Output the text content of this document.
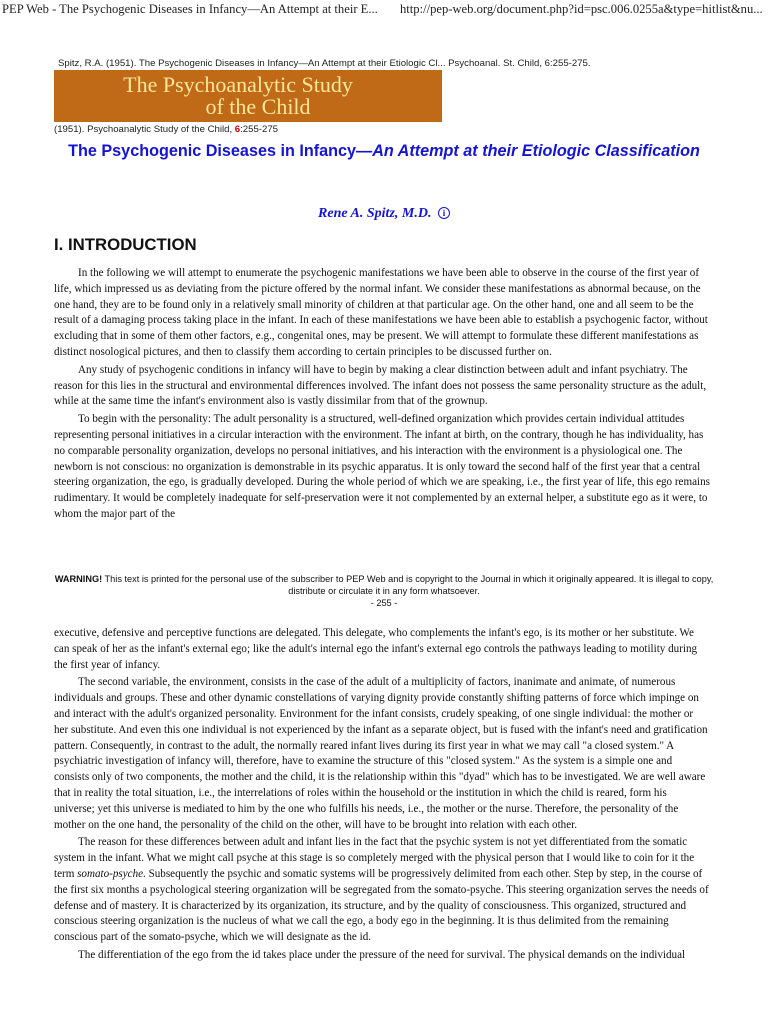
PEP Web - The Psychogenic Diseases in Infancy—An Attempt at their E... http://pep-web.org/document.php?id=psc.006.0255a&type=hitlist&nu...
Spitz, R.A. (1951). The Psychogenic Diseases in Infancy—An Attempt at their Etiologic Cl... Psychoanal. St. Child, 6:255-275.
The Psychoanalytic Study
of the Child
(1951). Psychoanalytic Study of the Child, 6:255-275
The Psychogenic Diseases in Infancy—An Attempt at their Etiologic Classification
Rene A. Spitz, M.D. i
I. INTRODUCTION

In the following we will attempt to enumerate the psychogenic manifestations we have been able to observe in the course of the first year of life, which impressed us as deviating from the picture offered by the normal infant. We consider these manifestations as abnormal because, on the one hand, they are to be found only in a relatively small minority of children at that particular age. On the other hand, one and all seem to be the result of a damaging process taking place in the infant. In each of these manifestations we have been able to establish a psychogenic factor, without excluding that in some of them other factors, e.g., congenital ones, may be present. We will attempt to formulate these different manifestations as distinct nosological pictures, and then to classify them according to certain principles to be discussed further on.

Any study of psychogenic conditions in infancy will have to begin by making a clear distinction between adult and infant psychiatry. The reason for this lies in the structural and environmental differences involved. The infant does not possess the same personality structure as the adult, while at the same time the infant's environment also is vastly dissimilar from that of the grownup.

To begin with the personality: The adult personality is a structured, well-defined organization which provides certain individual attitudes representing personal initiatives in a circular interaction with the environment. The infant at birth, on the contrary, though he has individuality, has no comparable personality organization, develops no personal initiatives, and his interaction with the environment is a physiological one. The newborn is not conscious: no organization is demonstrable in its psychic apparatus. It is only toward the second half of the first year that a central steering organization, the ego, is gradually developed. During the whole period of which we are speaking, i.e., the first year of life, this ego remains rudimentary. It would be completely inadequate for self-preservation were it not complemented by an external helper, a substitute ego as it were, to whom the major part of the

WARNING! This text is printed for the personal use of the subscriber to PEP Web and is copyright to the Journal in which it originally appeared. It is illegal to copy, distribute or circulate it in any form whatsoever.
- 255 -

executive, defensive and perceptive functions are delegated. This delegate, who complements the infant's ego, is its mother or her substitute. We can speak of her as the infant's external ego; like the adult's internal ego the infant's external ego controls the pathways leading to motility during the first year of infancy.

The second variable, the environment, consists in the case of the adult of a multiplicity of factors, inanimate and animate, of numerous individuals and groups. These and other dynamic constellations of varying dignity provide constantly shifting patterns of force which impinge on and interact with the adult's organized personality. Environment for the infant consists, crudely speaking, of one single individual: the mother or her substitute. And even this one individual is not experienced by the infant as a separate object, but is fused with the infant's need and gratification pattern. Consequently, in contrast to the adult, the normally reared infant lives during its first year in what we may call "a closed system." A psychiatric investigation of infancy will, therefore, have to examine the structure of this "closed system." As the system is a simple one and consists only of two components, the mother and the child, it is the relationship within this "dyad" which has to be investigated. We are well aware that in reality the total situation, i.e., the interrelations of roles within the household or the institution in which the child is reared, form his universe; yet this universe is mediated to him by the one who fulfills his needs, i.e., the mother or the nurse. Therefore, the personality of the mother on the one hand, the personality of the child on the other, will have to be brought into relation with each other.

The reason for these differences between adult and infant lies in the fact that the psychic system is not yet differentiated from the somatic system in the infant. What we might call psyche at this stage is so completely merged with the physical person that I would like to coin for it the term somato-psyche. Subsequently the psychic and somatic systems will be progressively delimited from each other. Step by step, in the course of the first six months a psychological steering organization will be segregated from the somato-psyche. This steering organization serves the needs of defense and of mastery. It is characterized by its organization, its structure, and by the quality of consciousness. This organized, structured and conscious steering organization is the nucleus of what we call the ego, a body ego in the beginning. It is thus delimited from the remaining conscious part of the somato-psyche, which we will designate as the id.

The differentiation of the ego from the id takes place under the pressure of the need for survival. The physical demands on the individual
